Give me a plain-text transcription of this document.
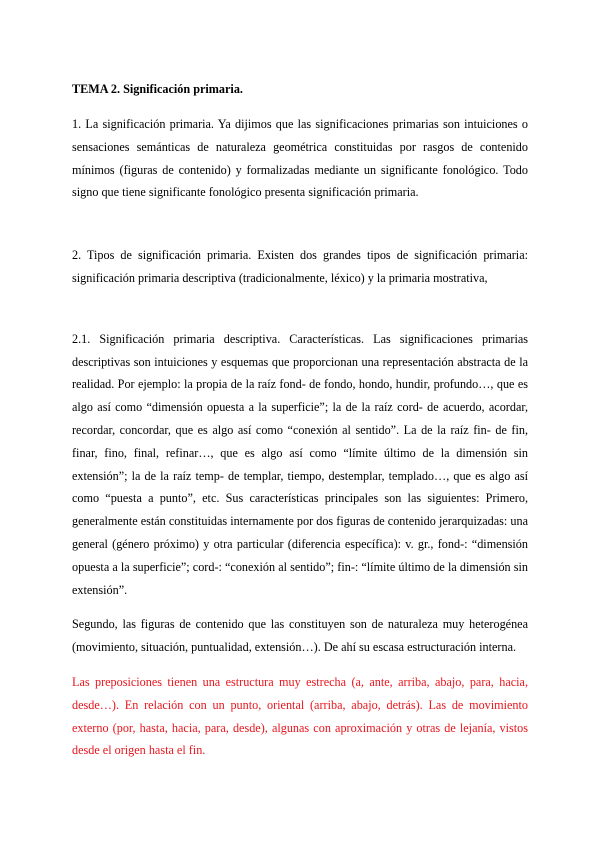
TEMA 2. Significación primaria.

1. La significación primaria. Ya dijimos que las significaciones primarias son intuiciones o sensaciones semánticas de naturaleza geométrica constituidas por rasgos de contenido mínimos (figuras de contenido) y formalizadas mediante un significante fonológico. Todo signo que tiene significante fonológico presenta significación primaria.

2. Tipos de significación primaria. Existen dos grandes tipos de significación primaria: significación primaria descriptiva (tradicionalmente, léxico) y la primaria mostrativa,

2.1. Significación primaria descriptiva. Características. Las significaciones primarias descriptivas son intuiciones y esquemas que proporcionan una representación abstracta de la realidad. Por ejemplo: la propia de la raíz fond- de fondo, hondo, hundir, profundo…, que es algo así como “dimensión opuesta a la superficie”; la de la raíz cord- de acuerdo, acordar, recordar, concordar, que es algo así como “conexión al sentido”. La de la raíz fin- de fin, finar, fino, final, refinar…, que es algo así como “límite último de la dimensión sin extensión”; la de la raíz temp- de templar, tiempo, destemplar, templado…, que es algo así como “puesta a punto”, etc. Sus características principales son las siguientes: Primero, generalmente están constituidas internamente por dos figuras de contenido jerarquizadas: una general (género próximo) y otra particular (diferencia específica): v. gr., fond-: “dimensión opuesta a la superficie”; cord-: “conexión al sentido”; fin-: “límite último de la dimensión sin extensión”.

Segundo, las figuras de contenido que las constituyen son de naturaleza muy heterogénea (movimiento, situación, puntualidad, extensión…). De ahí su escasa estructuración interna.

Las preposiciones tienen una estructura muy estrecha (a, ante, arriba, abajo, para, hacia, desde…). En relación con un punto, oriental (arriba, abajo, detrás). Las de movimiento externo (por, hasta, hacia, para, desde), algunas con aproximación y otras de lejanía, vistos desde el origen hasta el fin.
